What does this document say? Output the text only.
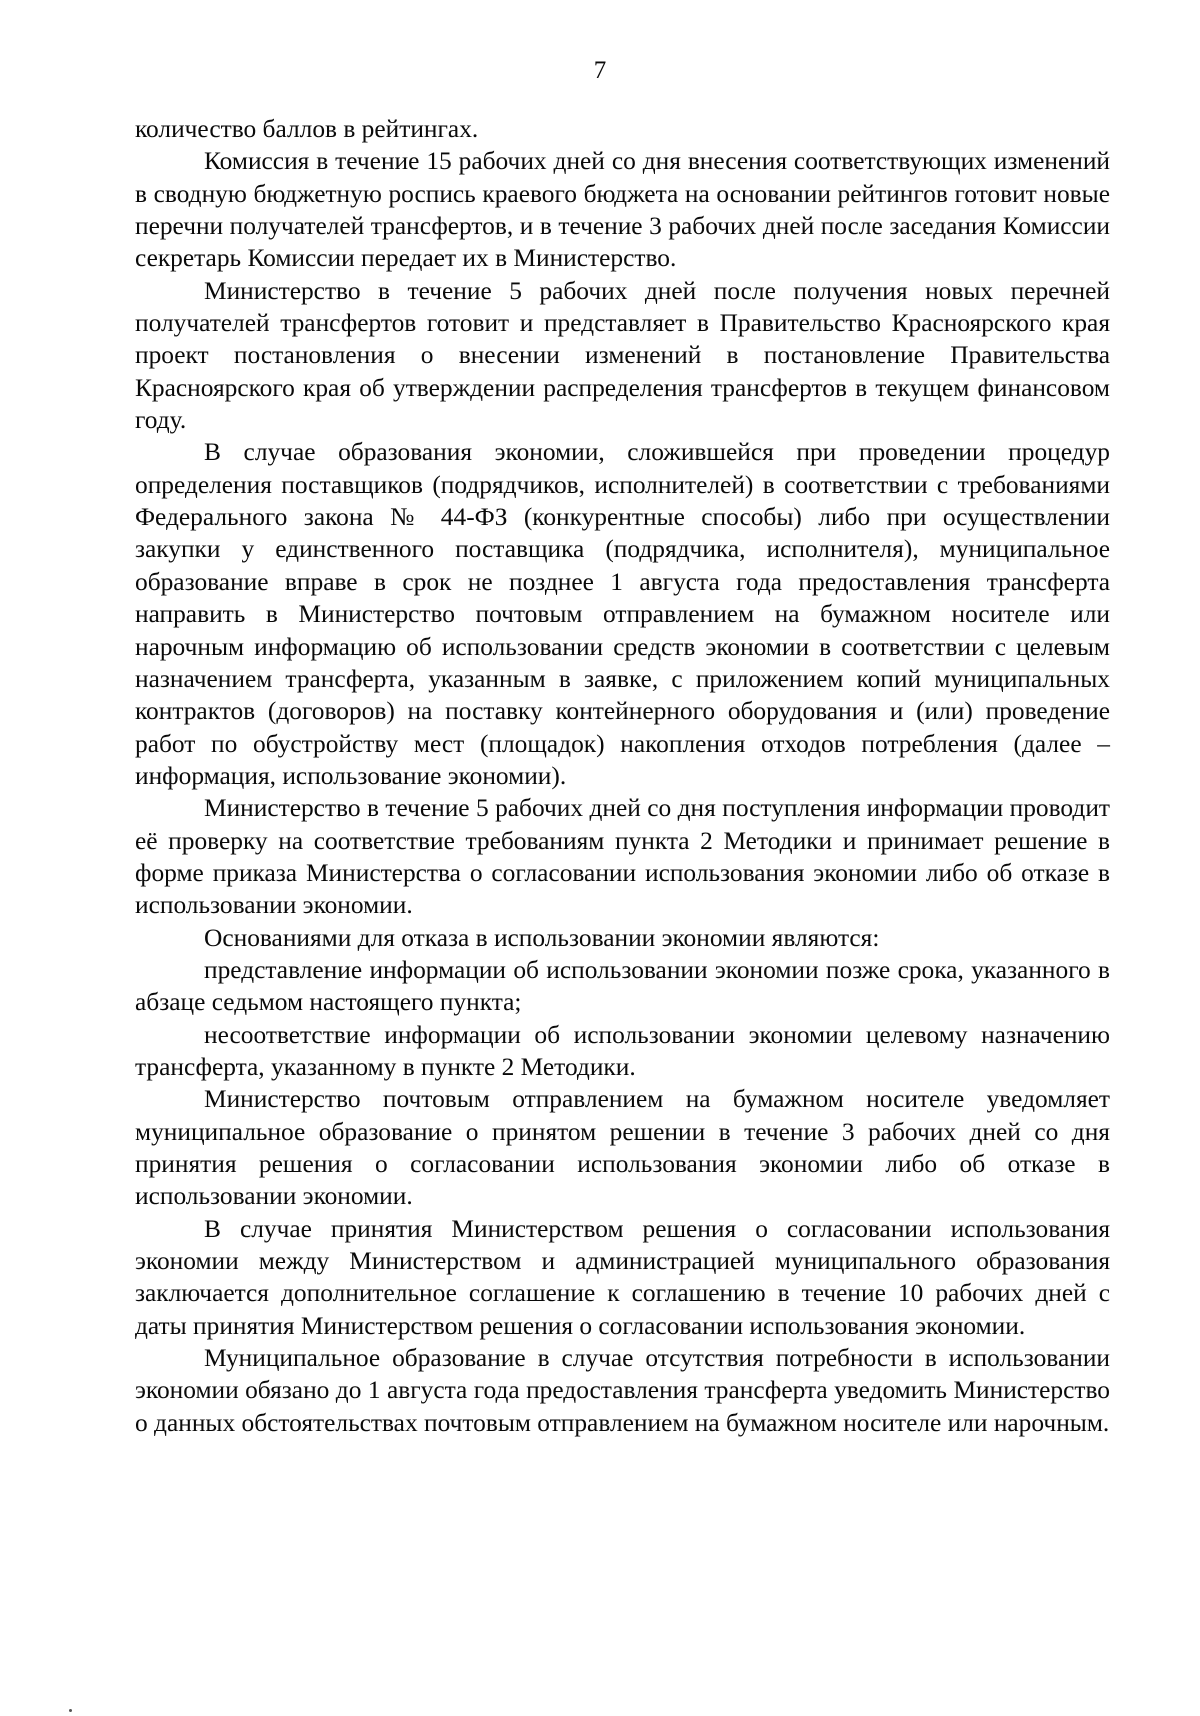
7

количество баллов в рейтингах.

Комиссия в течение 15 рабочих дней со дня внесения соответствующих изменений в сводную бюджетную роспись краевого бюджета на основании рейтингов готовит новые перечни получателей трансфертов, и в течение 3 рабочих дней после заседания Комиссии секретарь Комиссии передает их в Министерство.

Министерство в течение 5 рабочих дней после получения новых перечней получателей трансфертов готовит и представляет в Правительство Красноярского края проект постановления о внесении изменений в постановление Правительства Красноярского края об утверждении распределения трансфертов в текущем финансовом году.

В случае образования экономии, сложившейся при проведении процедур определения поставщиков (подрядчиков, исполнителей) в соответствии с требованиями Федерального закона № 44-ФЗ (конкурентные способы) либо при осуществлении закупки у единственного поставщика (подрядчика, исполнителя), муниципальное образование вправе в срок не позднее 1 августа года предоставления трансферта направить в Министерство почтовым отправлением на бумажном носителе или нарочным информацию об использовании средств экономии в соответствии с целевым назначением трансферта, указанным в заявке, с приложением копий муниципальных контрактов (договоров) на поставку контейнерного оборудования и (или) проведение работ по обустройству мест (площадок) накопления отходов потребления (далее – информация, использование экономии).

Министерство в течение 5 рабочих дней со дня поступления информации проводит её проверку на соответствие требованиям пункта 2 Методики и принимает решение в форме приказа Министерства о согласовании использования экономии либо об отказе в использовании экономии.

Основаниями для отказа в использовании экономии являются:

представление информации об использовании экономии позже срока, указанного в абзаце седьмом настоящего пункта;

несоответствие информации об использовании экономии целевому назначению трансферта, указанному в пункте 2 Методики.

Министерство почтовым отправлением на бумажном носителе уведомляет муниципальное образование о принятом решении в течение 3 рабочих дней со дня принятия решения о согласовании использования экономии либо об отказе в использовании экономии.

В случае принятия Министерством решения о согласовании использования экономии между Министерством и администрацией муниципального образования заключается дополнительное соглашение к соглашению в течение 10 рабочих дней с даты принятия Министерством решения о согласовании использования экономии.

Муниципальное образование в случае отсутствия потребности в использовании экономии обязано до 1 августа года предоставления трансферта уведомить Министерство о данных обстоятельствах почтовым отправлением на бумажном носителе или нарочным.
